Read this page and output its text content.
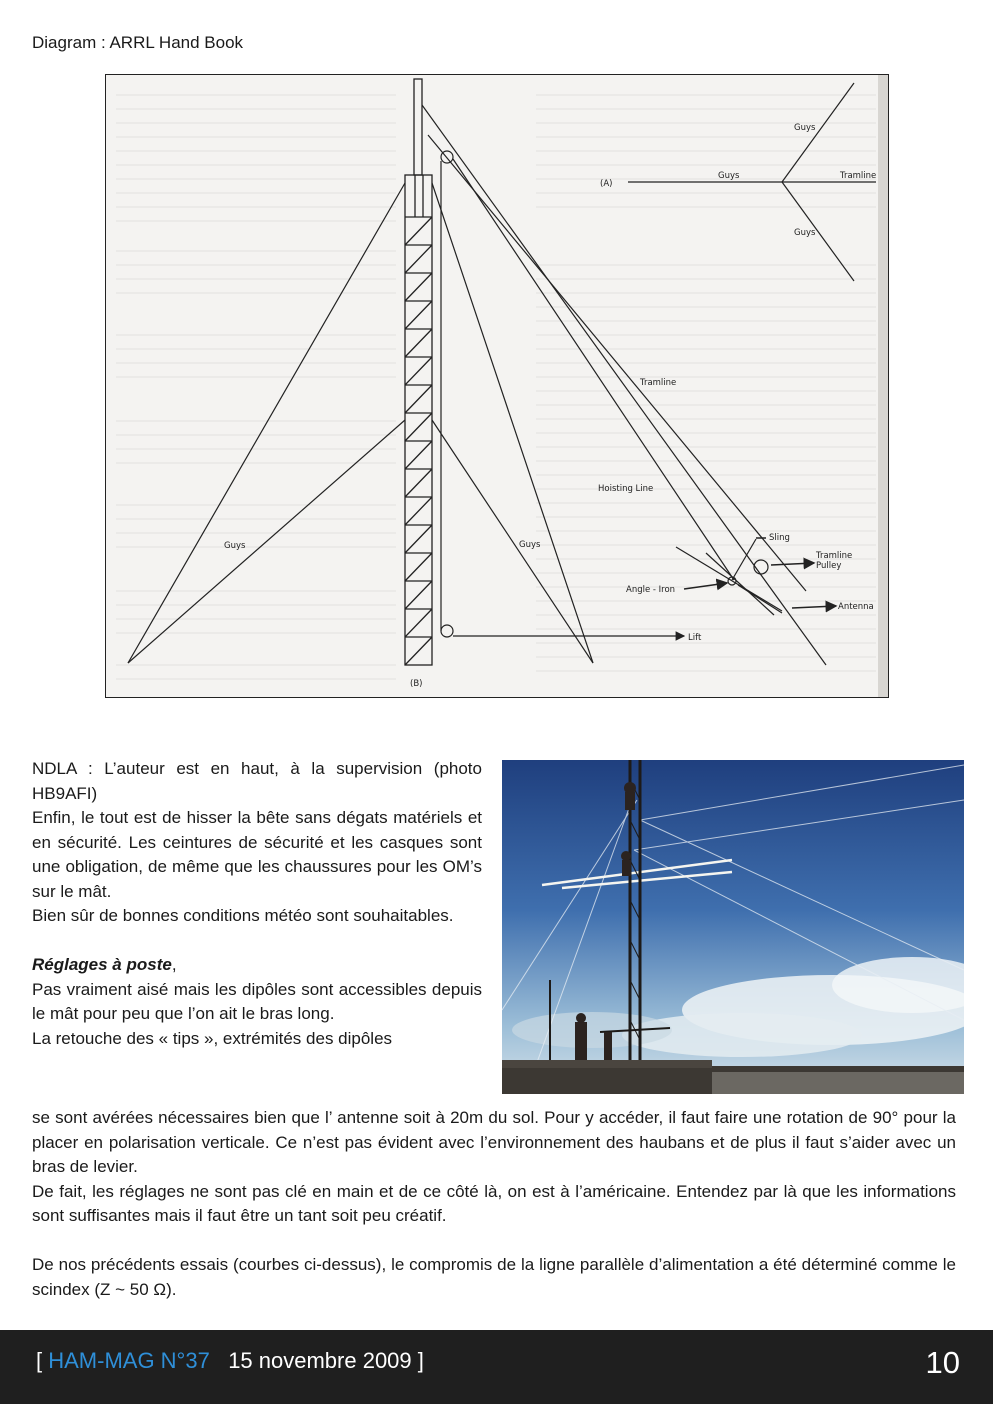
Diagram : ARRL Hand Book
Guys
Guys	Tramline
(A)
Guys
Tramline
Hoisting Line
Sling
Tramline
Pulley
Angle - Iron
Antenna
Guys	Guys
Lift
(B)

NDLA : L’auteur est en haut, à la supervision (photo HB9AFI)

Enfin, le tout est de hisser la bête sans dégats matériels et en sécurité. Les ceintures de sécurité et les casques sont une obligation, de même que les chaussures pour les OM’s sur le mât.

Bien sûr de bonnes conditions météo sont souhaitables.

Réglages à poste,

Pas vraiment aisé mais les dipôles sont accessibles depuis le mât pour peu que l’on ait le bras long.

La retouche des « tips », extrémités des dipôles

se sont avérées nécessaires bien que l’ antenne soit à 20m du sol. Pour y accéder, il faut faire une rotation de 90° pour la placer en polarisation verticale. Ce n’est pas évident avec l’environnement des haubans et de plus il faut s’aider avec un bras de levier.

De fait, les réglages ne sont pas clé en main et de ce côté là, on est à l’américaine. Entendez par là que les informations sont suffisantes mais il faut être un tant soit peu créatif.

De nos précédents essais (courbes ci-dessus), le compromis de la ligne parallèle d’alimentation a été déterminé comme le scindex (Z ~ 50 Ω).

[ HAM-MAG N°37 15 novembre 2009 ]	10
